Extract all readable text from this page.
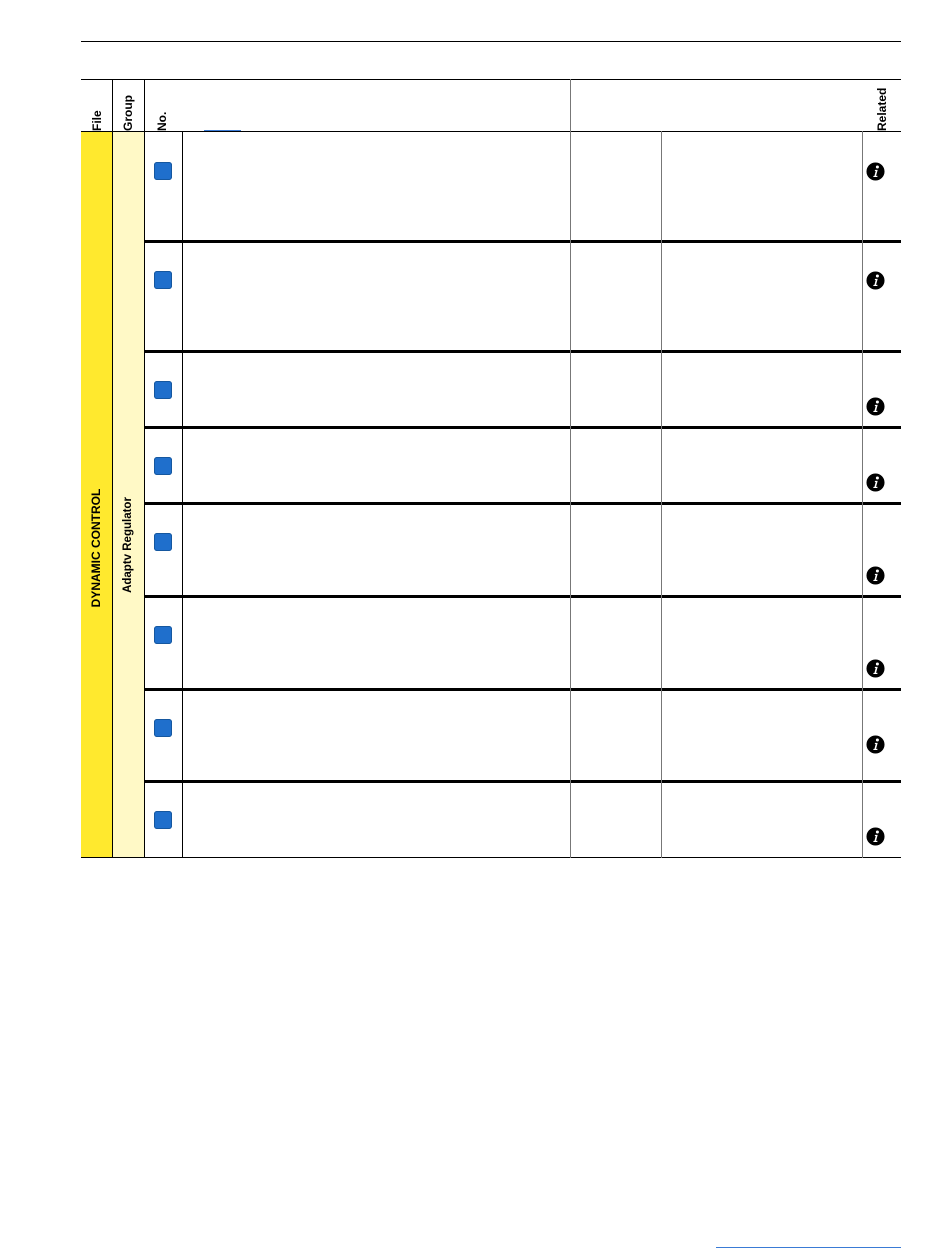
DYNAMIC CONTROL Adaptv Regulator
File Group No.	Related
